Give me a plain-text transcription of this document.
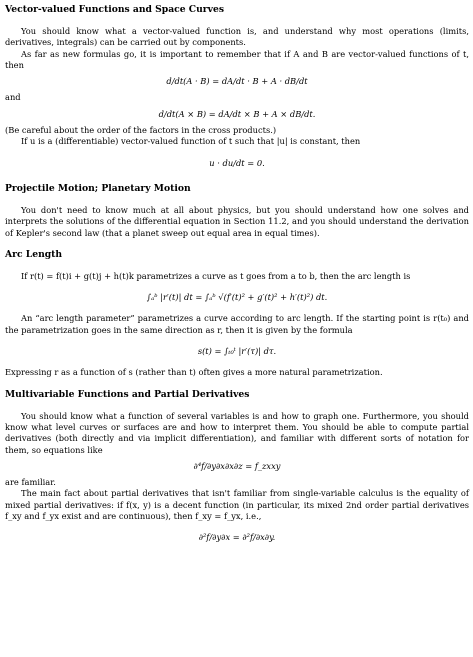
Vector-valued Functions and Space Curves

You should know what a vector-valued function is, and understand why most operations (limits, derivatives, integrals) can be carried out by components.

As far as new formulas go, it is important to remember that if A and B are vector-valued functions of t, then

d/dt(A · B) = dA/dt · B + A · dB/dt

and

d/dt(A × B) = dA/dt × B + A × dB/dt.

(Be careful about the order of the factors in the cross products.)

If u is a (differentiable) vector-valued function of t such that |u| is constant, then

u · du/dt = 0.

Projectile Motion; Planetary Motion

You don't need to know much at all about physics, but you should understand how one solves and interprets the solutions of the differential equation in Section 11.2, and you should understand the derivation of Kepler's second law (that a planet sweep out equal area in equal times).

Arc Length

If r(t) = f(t)i + g(t)j + h(t)k parametrizes a curve as t goes from a to b, then the arc length is

∫ₐᵇ |r′(t)| dt = ∫ₐᵇ √(f′(t)² + g′(t)² + h′(t)²) dt.

An “arc length parameter” parametrizes a curve according to arc length. If the starting point is r(t₀) and the parametrization goes in the same direction as r, then it is given by the formula

s(t) = ∫ₜ₀ᵗ |r′(τ)| dτ.

Expressing r as a function of s (rather than t) often gives a more natural parametrization.

Multivariable Functions and Partial Derivatives

You should know what a function of several variables is and how to graph one. Furthermore, you should know what level curves or surfaces are and how to interpret them. You should be able to compute partial derivatives (both directly and via implicit differentiation), and familiar with different sorts of notation for them, so equations like

∂⁴f/∂y∂x∂x∂z = f_zxxy

are familiar.

The main fact about partial derivatives that isn't familiar from single-variable calculus is the equality of mixed partial derivatives: if f(x, y) is a decent function (in particular, its mixed 2nd order partial derivatives f_xy and f_yx exist and are continuous), then f_xy = f_yx, i.e.,

∂²f/∂y∂x = ∂²f/∂x∂y.
